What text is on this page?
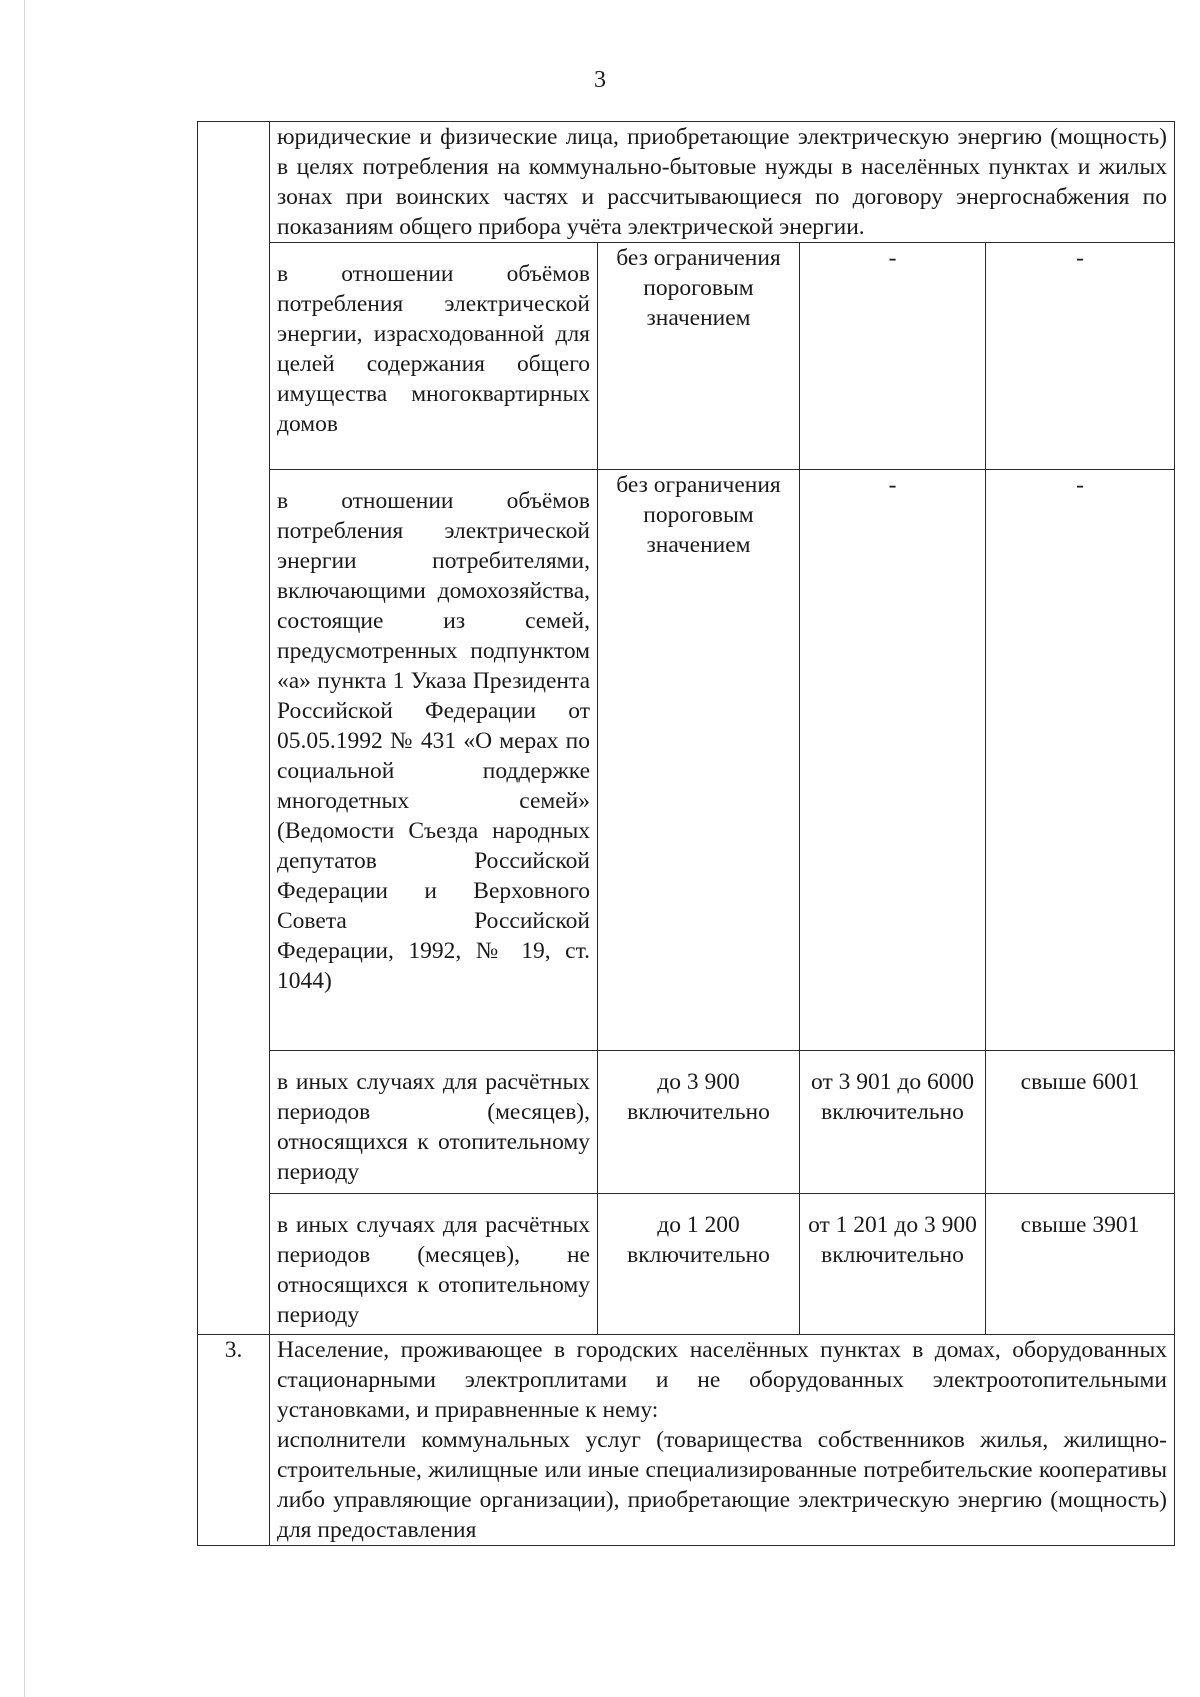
3
	юридические и физические лица, приобретающие электрическую энергию (мощность) в целях потребления на коммунально-бытовые нужды в населённых пунктах и жилых зонах при воинских частях и рассчитывающиеся по договору энергоснабжения по показаниям общего прибора учёта электрической энергии.			
	в отношении объёмов потребления электрической энергии, израсходованной для целей содержания общего имущества многоквартирных домов	без ограничения пороговым значением	-	-
	в отношении объёмов потребления электрической энергии потребителями, включающими домохозяйства, состоящие из семей, предусмотренных подпунктом «а» пункта 1 Указа Президента Российской Федерации от 05.05.1992 № 431 «О мерах по социальной поддержке многодетных семей» (Ведомости Съезда народных депутатов Российской Федерации и Верховного Совета Российской Федерации, 1992, № 19, ст. 1044)	без ограничения пороговым значением	-	-
	в иных случаях для расчётных периодов (месяцев), относящихся к отопительному периоду	до 3 900 включительно	от 3 901 до 6000 включительно	свыше 6001
	в иных случаях для расчётных периодов (месяцев), не относящихся к отопительному периоду	до 1 200 включительно	от 1 201 до 3 900 включительно	свыше 3901
3.	Население, проживающее в городских населённых пунктах в домах, оборудованных стационарными электроплитами и не оборудованных электроотопительными установками, и приравненные к нему:
исполнители коммунальных услуг (товарищества собственников жилья, жилищно-строительные, жилищные или иные специализированные потребительские кооперативы либо управляющие организации), приобретающие электрическую энергию (мощность) для предоставления			
